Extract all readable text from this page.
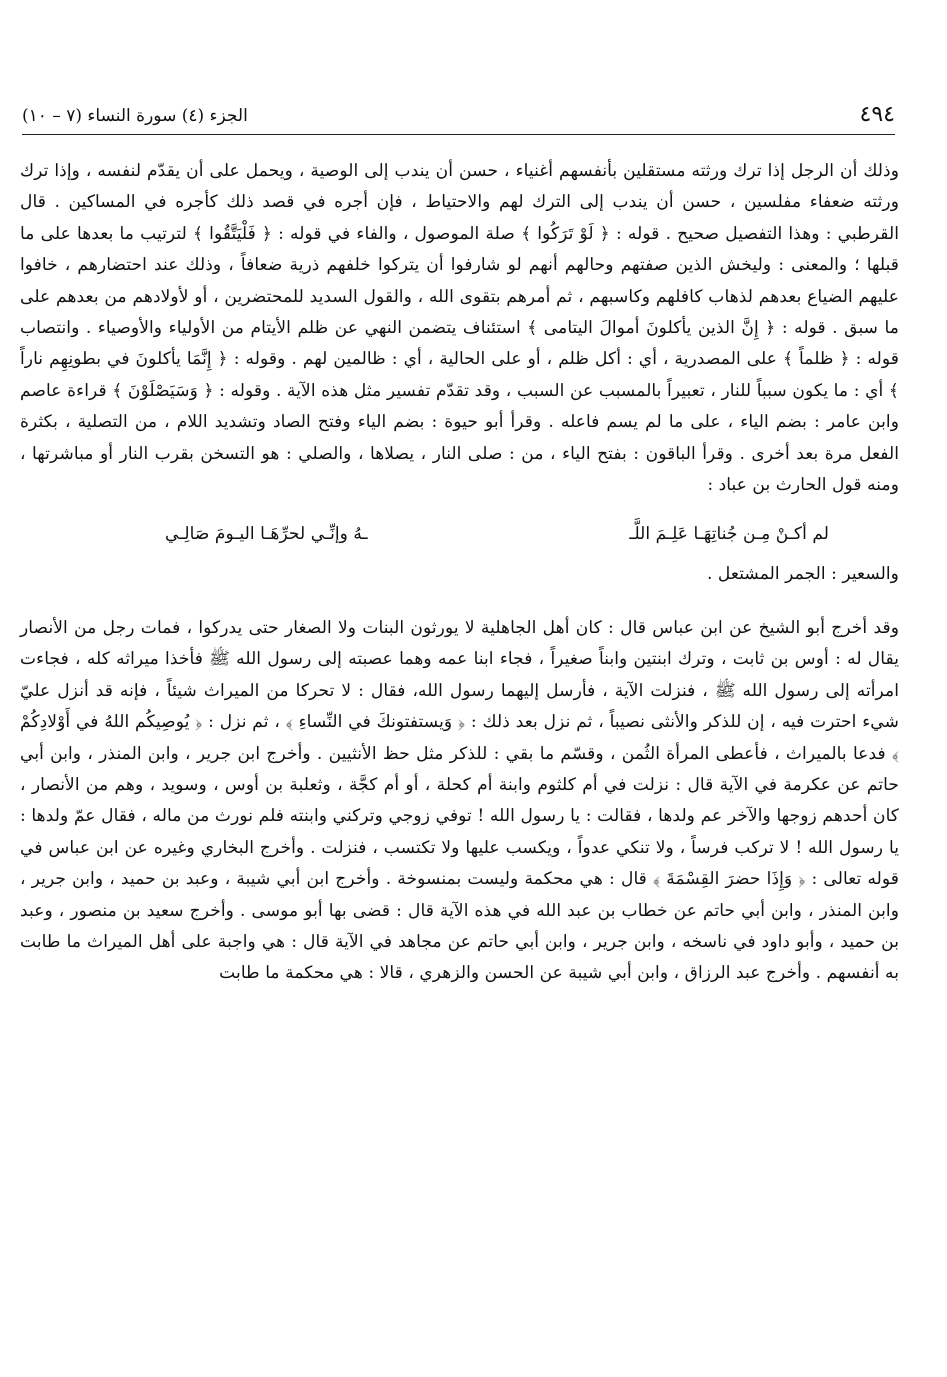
٤٩٤
الجزء (٤) سورة النساء (٧ – ١٠)

وذلك أن الرجل إذا ترك ورثته مستقلين بأنفسهم أغنياء ، حسن أن يندب إلى الوصية ، ويحمل على أن يقدّم لنفسه ، وإذا ترك ورثته ضعفاء مفلسين ، حسن أن يندب إلى الترك لهم والاحتياط ، فإن أجره في قصد ذلك كأجره في المساكين . قال القرطبي : وهذا التفصيل صحيح . قوله : ﴿ لَوْ تَرَكُوا ﴾ صلة الموصول ، والفاء في قوله : ﴿ فَلْيَتَّقُوا ﴾ لترتيب ما بعدها على ما قبلها ؛ والمعنى : وليخش الذين صفتهم وحالهم أنهم لو شارفوا أن يتركوا خلفهم ذرية ضعافاً ، وذلك عند احتضارهم ، خافوا عليهم الضياع بعدهم لذهاب كافلهم وكاسبهم ، ثم أمرهم بتقوى الله ، والقول السديد للمحتضرين ، أو لأولادهم من بعدهم على ما سبق . قوله : ﴿ إِنَّ الذين يأكلونَ أموالَ اليتامى ﴾ استئناف يتضمن النهي عن ظلم الأيتام من الأولياء والأوصياء . وانتصاب قوله : ﴿ ظلماً ﴾ على المصدرية ، أي : أكل ظلم ، أو على الحالية ، أي : ظالمين لهم . وقوله : ﴿ إِنَّمَا يأكلونَ في بطونِهِم ناراً ﴾ أي : ما يكون سبباً للنار ، تعبيراً بالمسبب عن السبب ، وقد تقدّم تفسير مثل هذه الآية . وقوله : ﴿ وَسَيَصْلَوْنَ ﴾ قراءة عاصم وابن عامر : بضم الياء ، على ما لم يسم فاعله . وقرأ أبو حيوة : بضم الياء وفتح الصاد وتشديد اللام ، من التصلية ، بكثرة الفعل مرة بعد أخرى . وقرأ الباقون : بفتح الياء ، من : صلى النار ، يصلاها ، والصلي : هو التسخن بقرب النار أو مباشرتها ، ومنه قول الحارث بن عباد :

لم أكـنْ مِـن جُناتِهَـا عَلِـمَ اللَّـ
ـهُ وإنِّـي لحرِّهَـا اليـومَ صَالِـي

والسعير : الجمر المشتعل .

وقد أخرج أبو الشيخ عن ابن عباس قال : كان أهل الجاهلية لا يورثون البنات ولا الصغار حتى يدركوا ، فمات رجل من الأنصار يقال له : أوس بن ثابت ، وترك ابنتين وابناً صغيراً ، فجاء ابنا عمه وهما عصبته إلى رسول الله ﷺ فأخذا ميراثه كله ، فجاءت امرأته إلى رسول الله ﷺ ، فنزلت الآية ، فأرسل إليهما رسول الله، فقال : لا تحركا من الميراث شيئاً ، فإنه قد أنزل عليّ شيء احترت فيه ، إن للذكر والأنثى نصيباً ، ثم نزل بعد ذلك : ﴿ وَيستفتونكَ في النِّساءِ ﴾ ، ثم نزل : ﴿ يُوصِيكُم اللهُ في أَوْلادِكُمْ ﴾ فدعا بالميراث ، فأعطى المرأة الثُمن ، وقسّم ما بقي : للذكر مثل حظ الأنثيين . وأخرج ابن جرير ، وابن المنذر ، وابن أبي حاتم عن عكرمة في الآية قال : نزلت في أم كلثوم وابنة أم كحلة ، أو أم كجَّة ، وثعلبة بن أوس ، وسويد ، وهم من الأنصار ، كان أحدهم زوجها والآخر عم ولدها ، فقالت : يا رسول الله ! توفي زوجي وتركني وابنته فلم نورث من ماله ، فقال عمّ ولدها : يا رسول الله ! لا تركب فرساً ، ولا تنكي عدواً ، ويكسب عليها ولا تكتسب ، فنزلت . وأخرج البخاري وغيره عن ابن عباس في قوله تعالى : ﴿ وَإِذَا حضرَ القِسْمَةَ ﴾ قال : هي محكمة وليست بمنسوخة . وأخرج ابن أبي شيبة ، وعبد بن حميد ، وابن جرير ، وابن المنذر ، وابن أبي حاتم عن خطاب بن عبد الله في هذه الآية قال : قضى بها أبو موسى . وأخرج سعيد بن منصور ، وعبد بن حميد ، وأبو داود في ناسخه ، وابن جرير ، وابن أبي حاتم عن مجاهد في الآية قال : هي واجبة على أهل الميراث ما طابت به أنفسهم . وأخرج عبد الرزاق ، وابن أبي شيبة عن الحسن والزهري ، قالا : هي محكمة ما طابت
